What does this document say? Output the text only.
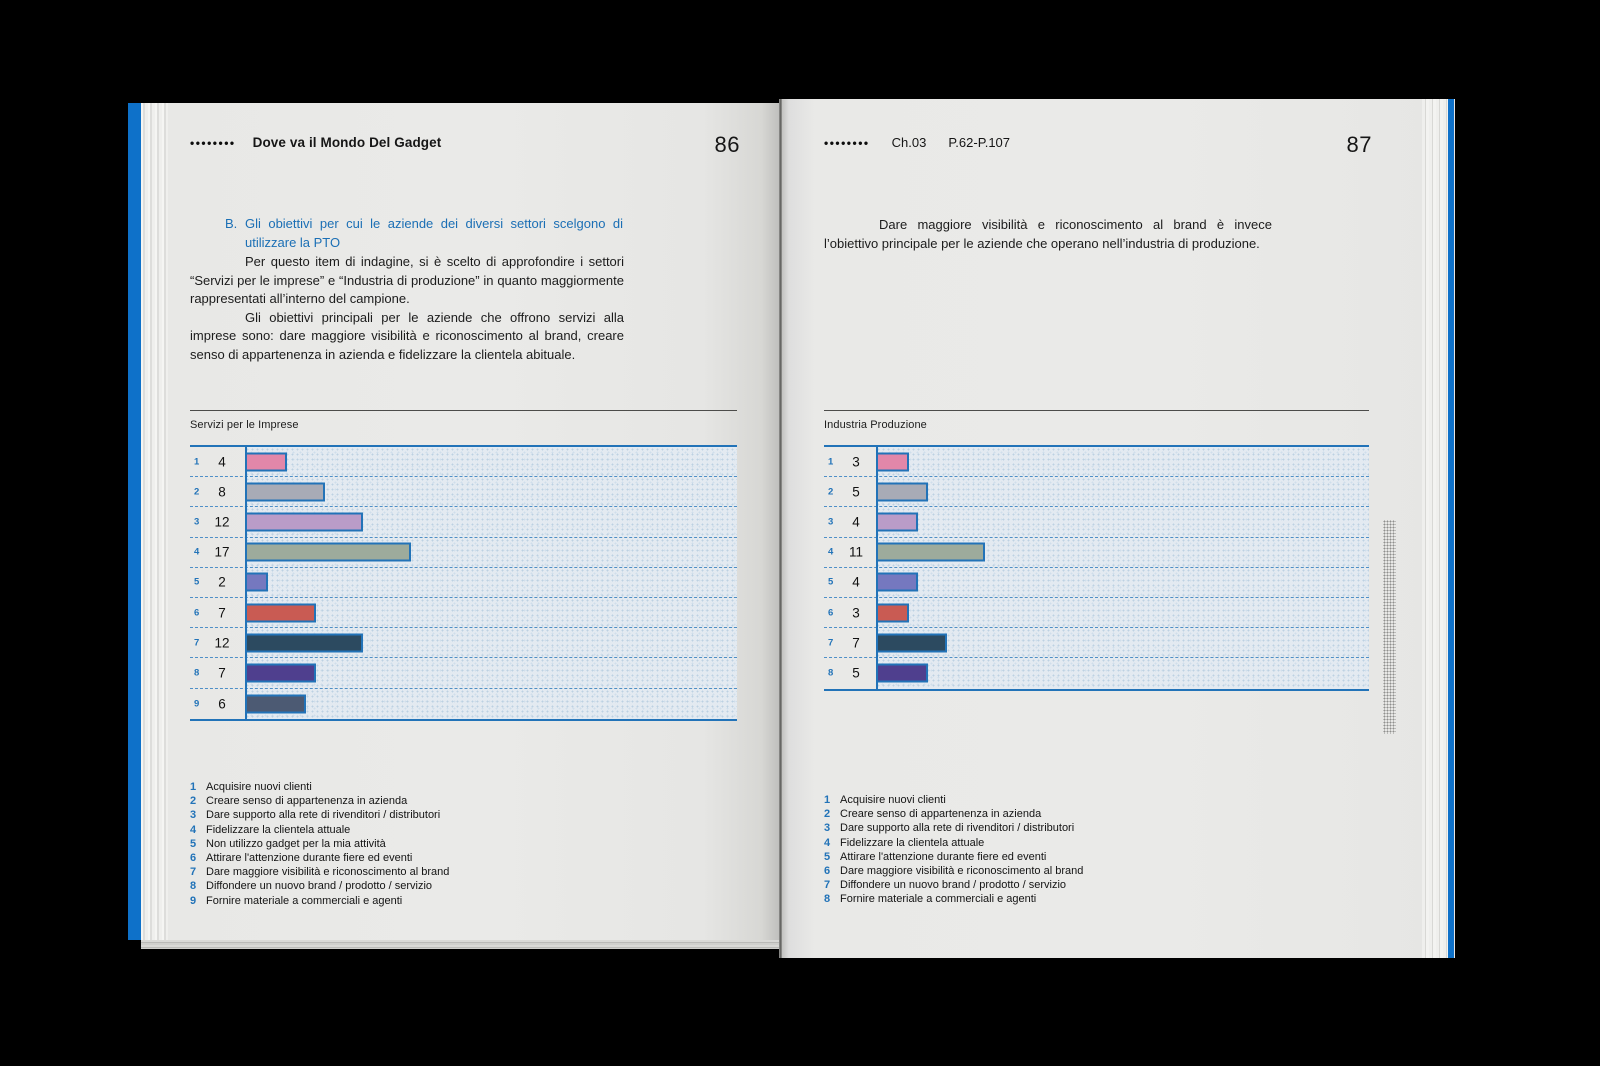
•••••••• Dove va il Mondo Del Gadget	86
B. Gli obiettivi per cui le aziende dei diversi settori scelgono di utilizzare la PTO

Per questo item di indagine, si è scelto di approfondire i settori “Servizi per le imprese” e “Industria di produzione” in quanto maggiormente rappresentati all’interno del campione.

Gli obiettivi principali per le aziende che offrono servizi alla imprese sono: dare maggiore visibilità e riconoscimento al brand, creare senso di appartenenza in azienda e fidelizzare la clientela abituale.

Servizi per le Imprese
1	4
2	8
3	12
4	17
5	2
6	7
7	12
8	7
9	6
1 Acquisire nuovi clienti
2 Creare senso di appartenenza in azienda
3 Dare supporto alla rete di rivenditori / distributori
4 Fidelizzare la clientela attuale
5 Non utilizzo gadget per la mia attività
6 Attirare l'attenzione durante fiere ed eventi
7 Dare maggiore visibilità e riconoscimento al brand
8 Diffondere un nuovo brand / prodotto / servizio
9 Fornire materiale a commerciali e agenti
•••••••• Ch.03 P.62-P.107	87

Dare maggiore visibilità e riconoscimento al brand è invece l’obiettivo principale per le aziende che operano nell’industria di produzione.

Industria Produzione
1	3
2	5
3	4
4	11
5	4
6	3
7	7
8	5
1 Acquisire nuovi clienti
2 Creare senso di appartenenza in azienda
3 Dare supporto alla rete di rivenditori / distributori
4 Fidelizzare la clientela attuale
5 Attirare l'attenzione durante fiere ed eventi
6 Dare maggiore visibilità e riconoscimento al brand
7 Diffondere un nuovo brand / prodotto / servizio
8 Fornire materiale a commerciali e agenti
